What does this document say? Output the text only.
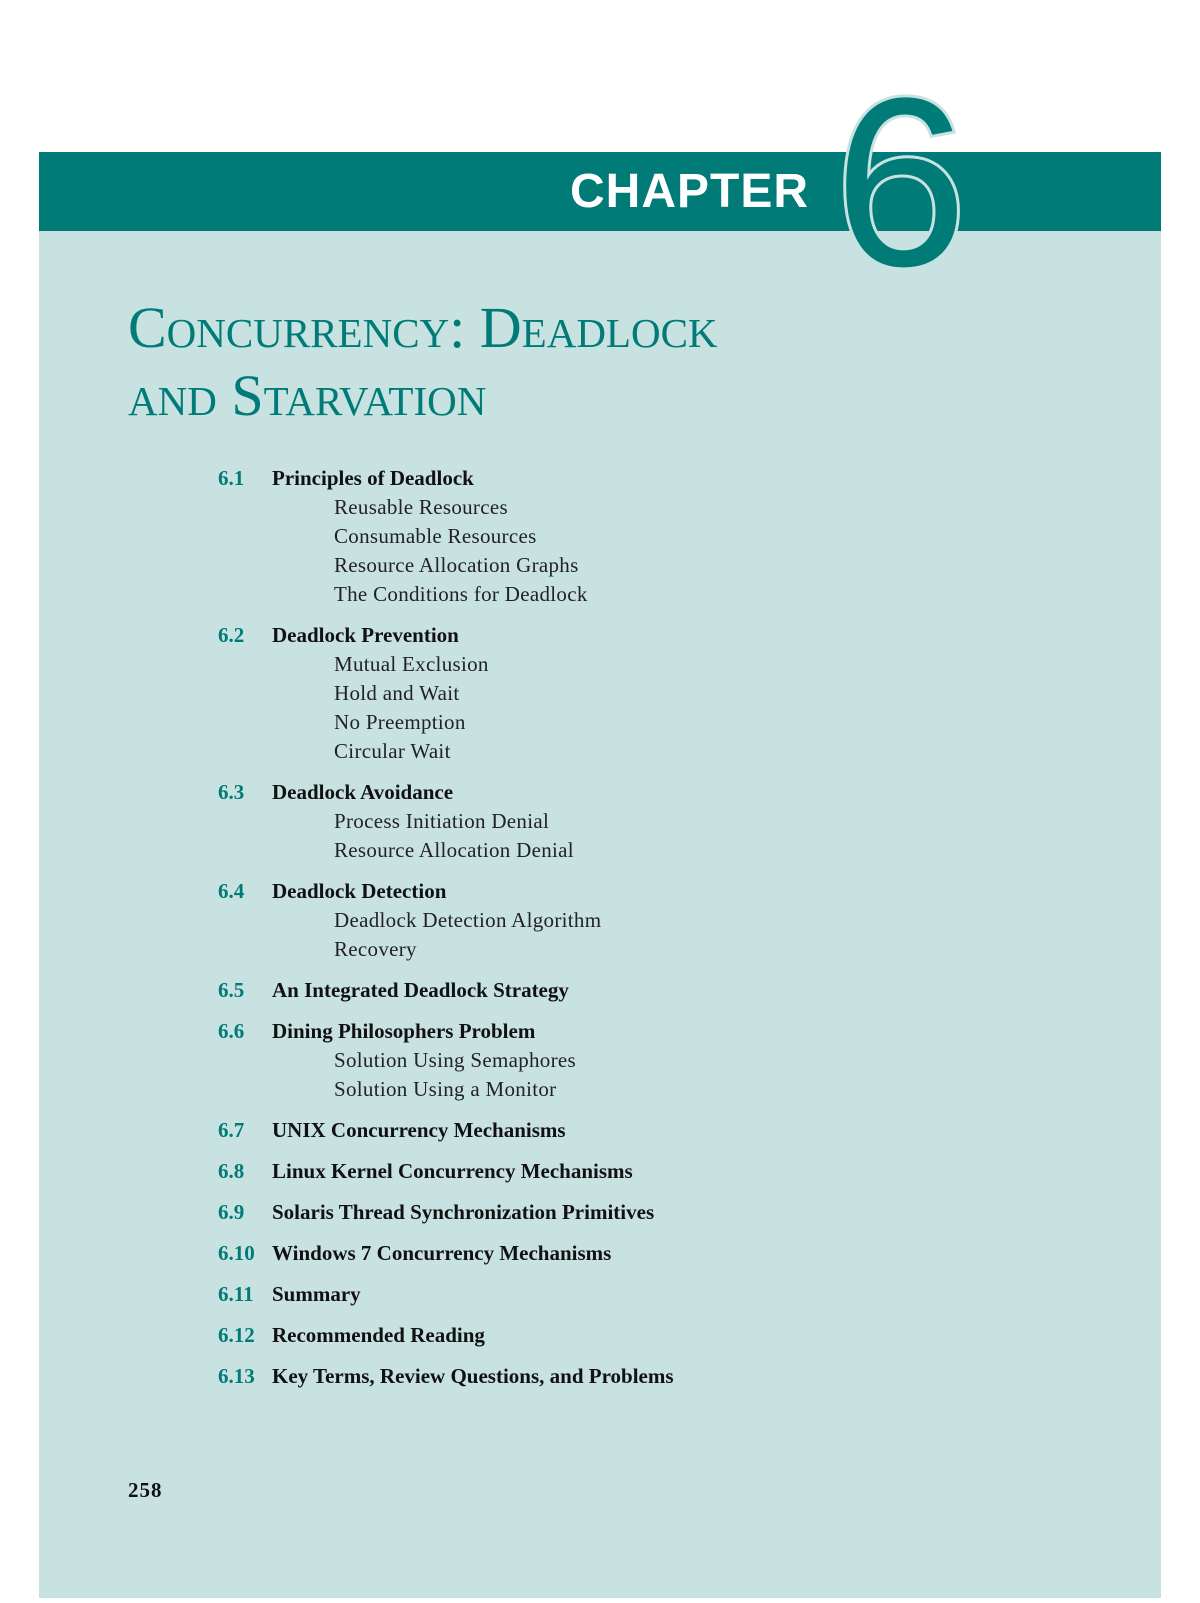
CHAPTER 6
Concurrency: Deadlock
and Starvation
6.1	Principles of Deadlock
Reusable Resources
Consumable Resources
Resource Allocation Graphs
The Conditions for Deadlock
6.2	Deadlock Prevention
Mutual Exclusion
Hold and Wait
No Preemption
Circular Wait
6.3	Deadlock Avoidance
Process Initiation Denial
Resource Allocation Denial
6.4	Deadlock Detection
Deadlock Detection Algorithm
Recovery
6.5	An Integrated Deadlock Strategy
6.6	Dining Philosophers Problem
Solution Using Semaphores
Solution Using a Monitor
6.7	UNIX Concurrency Mechanisms
6.8	Linux Kernel Concurrency Mechanisms
6.9	Solaris Thread Synchronization Primitives
6.10 Windows 7 Concurrency Mechanisms
6.11 Summary
6.12 Recommended Reading
6.13 Key Terms, Review Questions, and Problems
258
